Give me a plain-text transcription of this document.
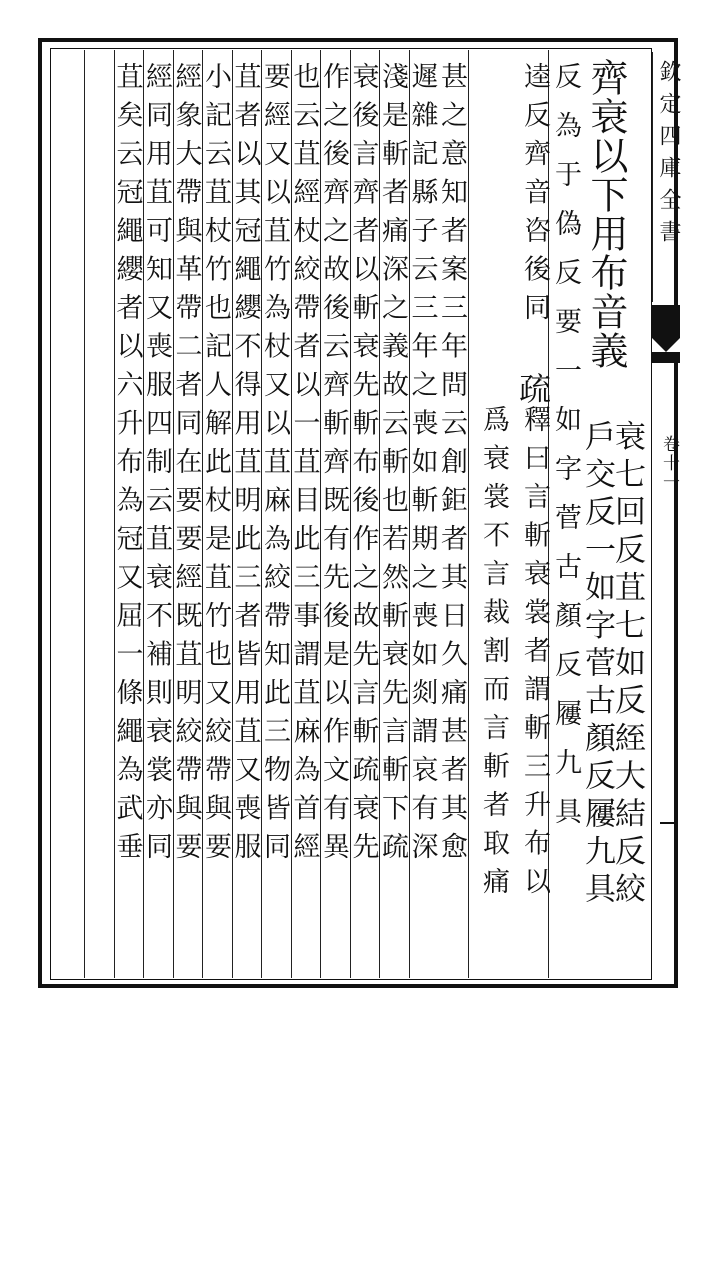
欽定四庫全書
卷十一
齊衰以下用布音義
衰七回反苴七如反絰大結反絞
戶交反一如字菅古顏反屨九具
反為于偽反要一如字菅古顏反屨九具
逵反齊音咨後同
疏
釋曰言斬衰裳者謂斬三升布以
爲衰裳不言裁割而言斬者取痛
甚之意知者案三年問云創鉅者其日久痛甚者其愈
遲雜記縣子云三年之喪如斬期之喪如剡謂哀有深
淺是斬者痛深之義故云斬也若然斬衰先言斬下疏
衰後言齊者以斬衰先斬布後作之故先言斬疏衰先
作之後齊之故後云齊斬齊既有先後是以作文有異
也云苴經杖絞帶者以一苴目此三事謂苴麻為首經
要經又以苴竹為杖又以苴麻為絞帶知此三物皆同
苴者以其冠繩纓不得用苴明此三者皆用苴又喪服
小記云苴杖竹也記人解此杖是苴竹也又絞帶與要
經象大帶與革帶二者同在要要經既苴明絞帶與要
經同用苴可知又喪服四制云苴衰不補則衰裳亦同
苴矣云冠繩纓者以六升布為冠又屈一條繩為武垂
